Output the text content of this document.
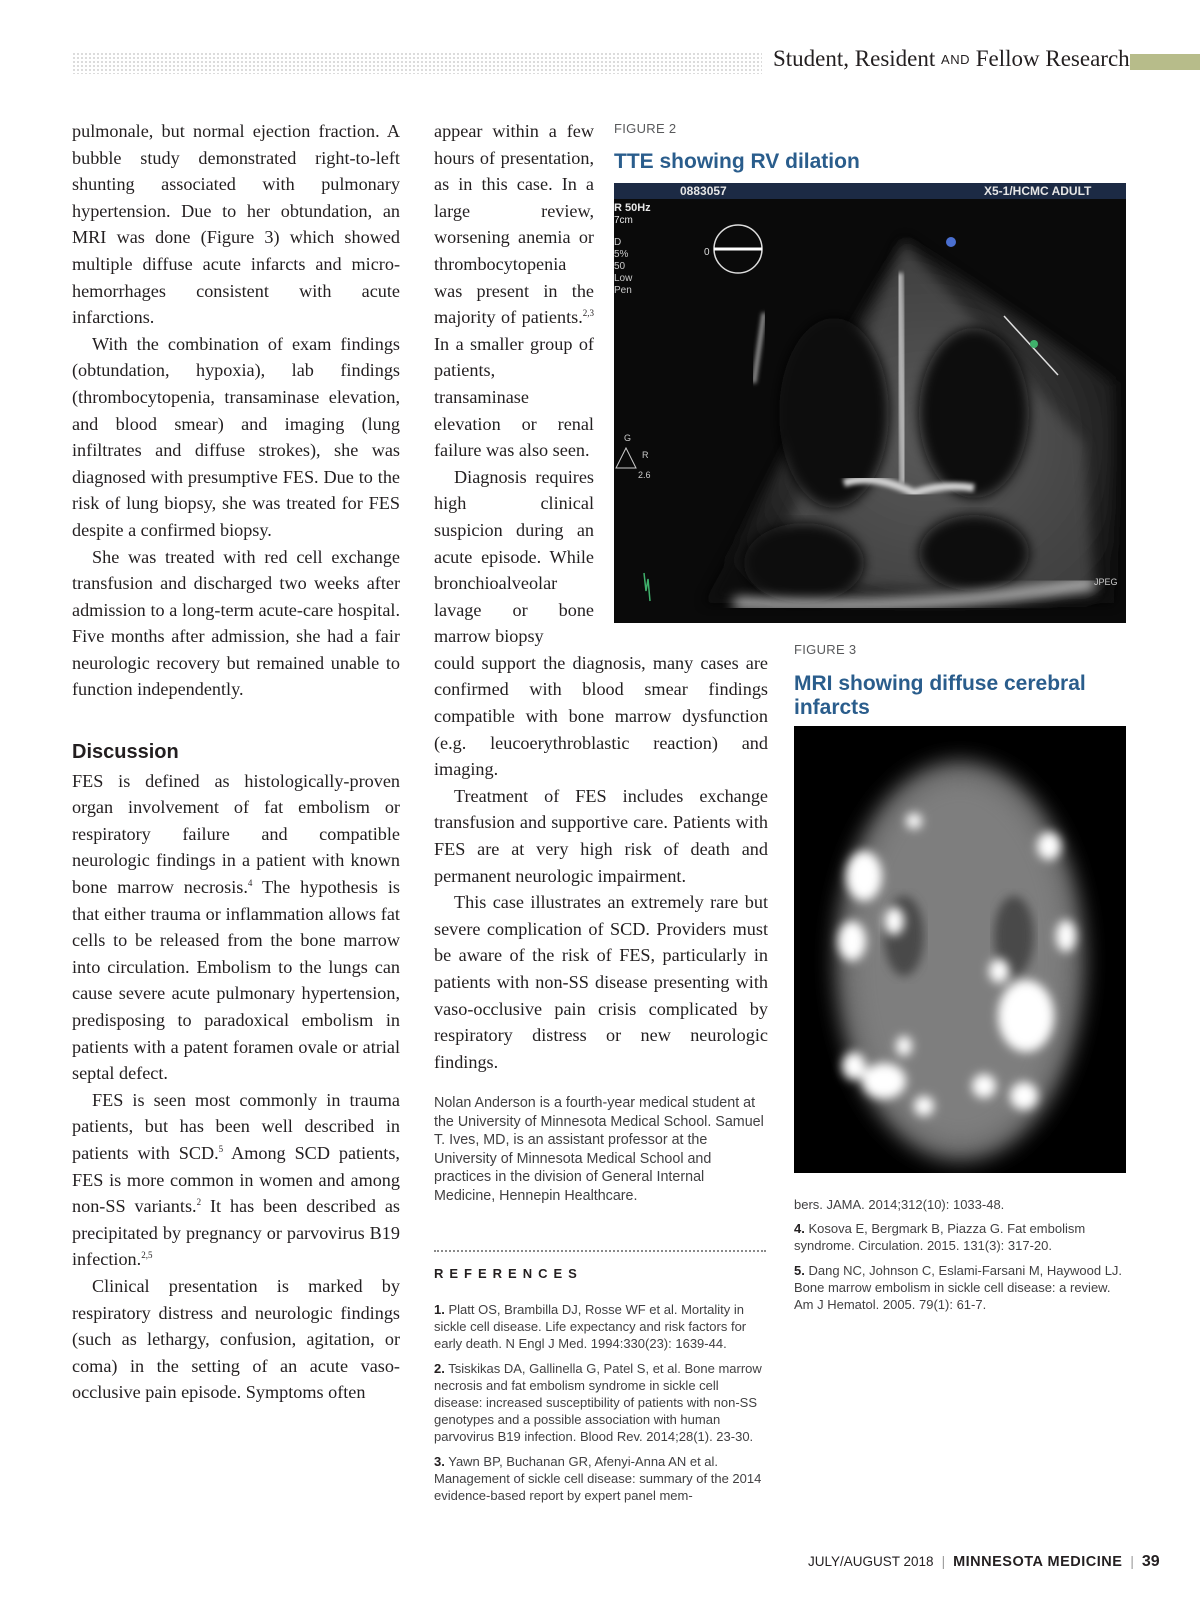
Student, Resident AND Fellow Research

pulmonale, but normal ejection fraction. A bubble study demonstrated right-to-left shunting associated with pulmonary hypertension. Due to her obtundation, an MRI was done (Figure 3) which showed multiple diffuse acute infarcts and micro-hemorrhages consistent with acute infarctions.

With the combination of exam findings (obtundation, hypoxia), lab findings (thrombocytopenia, transaminase elevation, and blood smear) and imaging (lung infiltrates and diffuse strokes), she was diagnosed with presumptive FES. Due to the risk of lung biopsy, she was treated for FES despite a confirmed biopsy.

She was treated with red cell exchange transfusion and discharged two weeks after admission to a long-term acute-care hospital. Five months after admission, she had a fair neurologic recovery but remained unable to function independently.

Discussion

FES is defined as histologically-proven organ involvement of fat embolism or respiratory failure and compatible neurologic findings in a patient with known bone marrow necrosis.$^4$ The hypothesis is that either trauma or inflammation allows fat cells to be released from the bone marrow into circulation. Embolism to the lungs can cause severe acute pulmonary hypertension, predisposing to paradoxical embolism in patients with a patent foramen ovale or atrial septal defect.

FES is seen most commonly in trauma patients, but has been well described in patients with SCD.$^5$ Among SCD patients, FES is more common in women and among non-SS variants.$^2$ It has been described as precipitated by pregnancy or parvovirus B19 infection.$^{2,5}$

Clinical presentation is marked by respiratory distress and neurologic findings (such as lethargy, confusion, agitation, or coma) in the setting of an acute vaso-occlusive pain episode. Symptoms often

appear within a few hours of presentation, as in this case. In a large review, worsening anemia or thrombocytopenia was present in the majority of patients.$^{2,3}$ In a smaller group of patients, transaminase elevation or renal failure was also seen.

Diagnosis requires high clinical suspicion during an acute episode. While bronchioalveolar lavage or bone marrow biopsy

could support the diagnosis, many cases are confirmed with blood smear findings compatible with bone marrow dysfunction (e.g. leucoerythroblastic reaction) and imaging.

Treatment of FES includes exchange transfusion and supportive care. Patients with FES are at very high risk of death and permanent neurologic impairment.

This case illustrates an extremely rare but severe complication of SCD. Providers must be aware of the risk of FES, particularly in patients with non-SS disease presenting with vaso-occlusive pain crisis complicated by respiratory distress or new neurologic findings.

FIGURE 2
TTE showing RV dilation
0883057	X5-1/HCMC ADULT
R 50Hz
7cm
D
5%
50
Low
Pen
0
G
R
2.6
JPEG
FIGURE 3
MRI showing diffuse cerebral infarcts
Nolan Anderson is a fourth-year medical student at the University of Minnesota Medical School. Samuel T. Ives, MD, is an assistant professor at the University of Minnesota Medical School and practices in the division of General Internal Medicine, Hennepin Healthcare.
REFERENCES
1. Platt OS, Brambilla DJ, Rosse WF et al. Mortality in sickle cell disease. Life expectancy and risk factors for early death. N Engl J Med. 1994:330(23): 1639-44.
2. Tsiskikas DA, Gallinella G, Patel S, et al. Bone marrow necrosis and fat embolism syndrome in sickle cell disease: increased susceptibility of patients with non-SS genotypes and a possible association with human parvovirus B19 infection. Blood Rev. 2014;28(1). 23-30.
3. Yawn BP, Buchanan GR, Afenyi-Anna AN et al. Management of sickle cell disease: summary of the 2014 evidence-based report by expert panel mem-
bers. JAMA. 2014;312(10): 1033-48.
4. Kosova E, Bergmark B, Piazza G. Fat embolism syndrome. Circulation. 2015. 131(3): 317-20.
5. Dang NC, Johnson C, Eslami-Farsani M, Haywood LJ. Bone marrow embolism in sickle cell disease: a review. Am J Hematol. 2005. 79(1): 61-7.
JULY/AUGUST 2018 | MINNESOTA MEDICINE | 39
